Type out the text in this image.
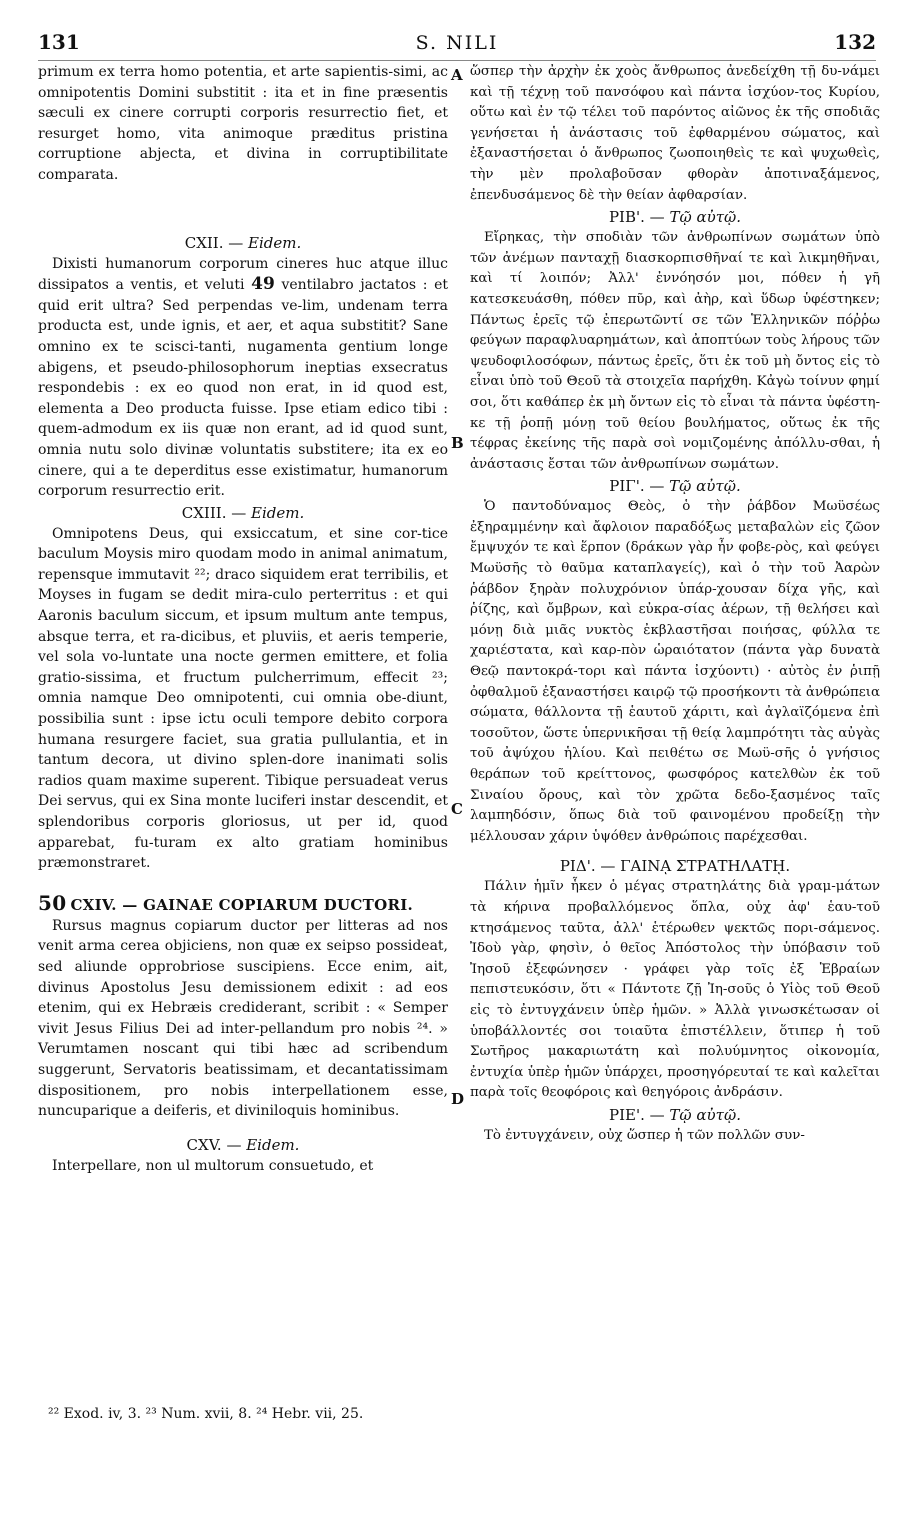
131	S. NILI	132
A
B
C
D

primum ex terra homo potentia, et arte sapientis-simi, ac omnipotentis Domini substitit : ita et in fine præsentis sæculi ex cinere corrupti corporis resurrectio fiet, et resurget homo, vita animoque præditus pristina corruptione abjecta, et divina in corruptibilitate comparata.

CXII. — Eidem.

Dixisti humanorum corporum cineres huc atque illuc dissipatos a ventis, et veluti 49 ventilabro jactatos : et quid erit ultra? Sed perpendas ve-lim, undenam terra producta est, unde ignis, et aer, et aqua substitit? Sane omnino ex te scisci-tanti, nugamenta gentium longe abigens, et pseudo-philosophorum ineptias exsecratus respondebis : ex eo quod non erat, in id quod est, elementa a Deo producta fuisse. Ipse etiam edico tibi : quem-admodum ex iis quæ non erant, ad id quod sunt, omnia nutu solo divinæ voluntatis substitere; ita ex eo cinere, qui a te deperditus esse existimatur, humanorum corporum resurrectio erit.

CXIII. — Eidem.

Omnipotens Deus, qui exsiccatum, et sine cor-tice baculum Moysis miro quodam modo in animal animatum, repensque immutavit ²²; draco siquidem erat terribilis, et Moyses in fugam se dedit mira-culo perterritus : et qui Aaronis baculum siccum, et ipsum multum ante tempus, absque terra, et ra-dicibus, et pluviis, et aeris temperie, vel sola vo-luntate una nocte germen emittere, et folia gratio-sissima, et fructum pulcherrimum, effecit ²³; omnia namque Deo omnipotenti, cui omnia obe-diunt, possibilia sunt : ipse ictu oculi tempore debito corpora humana resurgere faciet, sua gratia pullulantia, et in tantum decora, ut divino splen-dore inanimati solis radios quam maxime superent. Tibique persuadeat verus Dei servus, qui ex Sina monte luciferi instar descendit, et splendoribus corporis gloriosus, ut per id, quod apparebat, fu-turam ex alto gratiam hominibus præmonstraret.

50 CXIV. — GAINAE COPIARUM DUCTORI.

Rursus magnus copiarum ductor per litteras ad nos venit arma cerea objiciens, non quæ ex seipso possideat, sed aliunde opprobriose suscipiens. Ecce enim, ait, divinus Apostolus Jesu demissionem edixit : ad eos etenim, qui ex Hebræis crediderant, scribit : « Semper vivit Jesus Filius Dei ad inter-pellandum pro nobis ²⁴. » Verumtamen noscant qui tibi hæc ad scribendum suggerunt, Servatoris beatissimam, et decantatissimam dispositionem, pro nobis interpellationem esse, nuncuparique a deiferis, et diviniloquis hominibus.

CXV. — Eidem.

Interpellare, non ul multorum consuetudo, et

ὥσπερ τὴν ἀρχὴν ἐκ χοὸς ἄνθρωπος ἀνεδείχθη τῇ δυ-νάμει καὶ τῇ τέχνῃ τοῦ πανσόφου καὶ πάντα ἰσχύον-τος Κυρίου, οὕτω καὶ ἐν τῷ τέλει τοῦ παρόντος αἰῶνος ἐκ τῆς σποδιᾶς γενήσεται ἡ ἀνάστασις τοῦ ἐφθαρμένου σώματος, καὶ ἐξαναστήσεται ὁ ἄνθρωπος ζωοποιηθεὶς τε καὶ ψυχωθεὶς, τὴν μὲν προλαβοῦσαν φθορὰν ἀποτιναξάμενος, ἐπενδυσάμενος δὲ τὴν θείαν ἀφθαρσίαν.

ΡΙΒ'. — Τῷ αὐτῷ.

Εἴρηκας, τὴν σποδιὰν τῶν ἀνθρωπίνων σωμάτων ὑπὸ τῶν ἀνέμων πανταχῇ διασκορπισθῆναί τε καὶ λικμηθῆναι, καὶ τί λοιπόν; Ἀλλ' ἐννόησόν μοι, πόθεν ἡ γῆ κατεσκευάσθη, πόθεν πῦρ, καὶ ἀὴρ, καὶ ὕδωρ ὑφέστηκεν; Πάντως ἐρεῖς τῷ ἐπερωτῶντί σε τῶν Ἑλληνικῶν πόῤῥω φεύγων παραφλυαρημάτων, καὶ ἀποπτύων τοὺς λήρους τῶν ψευδοφιλοσόφων, πάντως ἐρεῖς, ὅτι ἐκ τοῦ μὴ ὄντος εἰς τὸ εἶναι ὑπὸ τοῦ Θεοῦ τὰ στοιχεῖα παρήχθη. Κἀγὼ τοίνυν φημί σοι, ὅτι καθάπερ ἐκ μὴ ὄντων εἰς τὸ εἶναι τὰ πάντα ὑφέστη-κε τῇ ῥοπῇ μόνῃ τοῦ θείου βουλήματος, οὕτως ἐκ τῆς τέφρας ἐκείνης τῆς παρὰ σοὶ νομιζομένης ἀπόλλυ-σθαι, ἡ ἀνάστασις ἔσται τῶν ἀνθρωπίνων σωμάτων.

ΡΙΓ'. — Τῷ αὐτῷ.

Ὁ παντοδύναμος Θεὸς, ὁ τὴν ῥάβδον Μωϋσέως ἐξηραμμένην καὶ ἄφλοιον παραδόξως μεταβαλὼν εἰς ζῶον ἔμψυχόν τε καὶ ἕρπον (δράκων γὰρ ἦν φοβε-ρὸς, καὶ φεύγει Μωϋσῆς τὸ θαῦμα καταπλαγείς), καὶ ὁ τὴν τοῦ Ἀαρὼν ῥάβδον ξηρὰν πολυχρόνιον ὑπάρ-χουσαν δίχα γῆς, καὶ ῥίζης, καὶ ὄμβρων, καὶ εὐκρα-σίας ἀέρων, τῇ θελήσει καὶ μόνῃ διὰ μιᾶς νυκτὸς ἐκβλαστῆσαι ποιήσας, φύλλα τε χαριέστατα, καὶ καρ-πὸν ὡραιότατον (πάντα γὰρ δυνατὰ Θεῷ παντοκρά-τορι καὶ πάντα ἰσχύοντι) · αὐτὸς ἐν ῥιπῇ ὀφθαλμοῦ ἐξαναστήσει καιρῷ τῷ προσήκοντι τὰ ἀνθρώπεια σώματα, θάλλοντα τῇ ἑαυτοῦ χάριτι, καὶ ἀγλαϊζόμενα ἐπὶ τοσοῦτον, ὥστε ὑπερνικῆσαι τῇ θείᾳ λαμπρότητι τὰς αὐγὰς τοῦ ἀψύχου ἡλίου. Καὶ πειθέτω σε Μωϋ-σῆς ὁ γνήσιος θεράπων τοῦ κρείττονος, φωσφόρος κατελθὼν ἐκ τοῦ Σιναίου ὄρους, καὶ τὸν χρῶτα δεδο-ξασμένος ταῖς λαμπηδόσιν, ὅπως διὰ τοῦ φαινομένου προδείξῃ τὴν μέλλουσαν χάριν ὑψόθεν ἀνθρώποις παρέχεσθαι.

ΡΙΔ'. — ΓΑΙΝᾼ ΣΤΡΑΤΗΛΑΤῌ.

Πάλιν ἡμῖν ἧκεν ὁ μέγας στρατηλάτης διὰ γραμ-μάτων τὰ κήρινα προβαλλόμενος ὅπλα, οὐχ ἀφ' ἑαυ-τοῦ κτησάμενος ταῦτα, ἀλλ' ἑτέρωθεν ψεκτῶς πορι-σάμενος. Ἰδοὺ γὰρ, φησὶν, ὁ θεῖος Ἀπόστολος τὴν ὑπόβασιν τοῦ Ἰησοῦ ἐξεφώνησεν · γράφει γὰρ τοῖς ἐξ Ἑβραίων πεπιστευκόσιν, ὅτι « Πάντοτε ζῇ Ἰη-σοῦς ὁ Υἱὸς τοῦ Θεοῦ εἰς τὸ ἐντυγχάνειν ὑπὲρ ἡμῶν. » Ἀλλὰ γινωσκέτωσαν οἱ ὑποβάλλοντές σοι τοιαῦτα ἐπιστέλλειν, ὅτιπερ ἡ τοῦ Σωτῆρος μακαριωτάτη καὶ πολυύμνητος οἰκονομία, ἐντυχία ὑπὲρ ἡμῶν ὑπάρχει, προσηγόρευταί τε καὶ καλεῖται παρὰ τοῖς θεοφόροις καὶ θεηγόροις ἀνδράσιν.

ΡΙΕ'. — Τῷ αὐτῷ.

Τὸ ἐντυγχάνειν, οὐχ ὥσπερ ἡ τῶν πολλῶν συν-

²² Exod. iv, 3. ²³ Num. xvii, 8. ²⁴ Hebr. vii, 25.
